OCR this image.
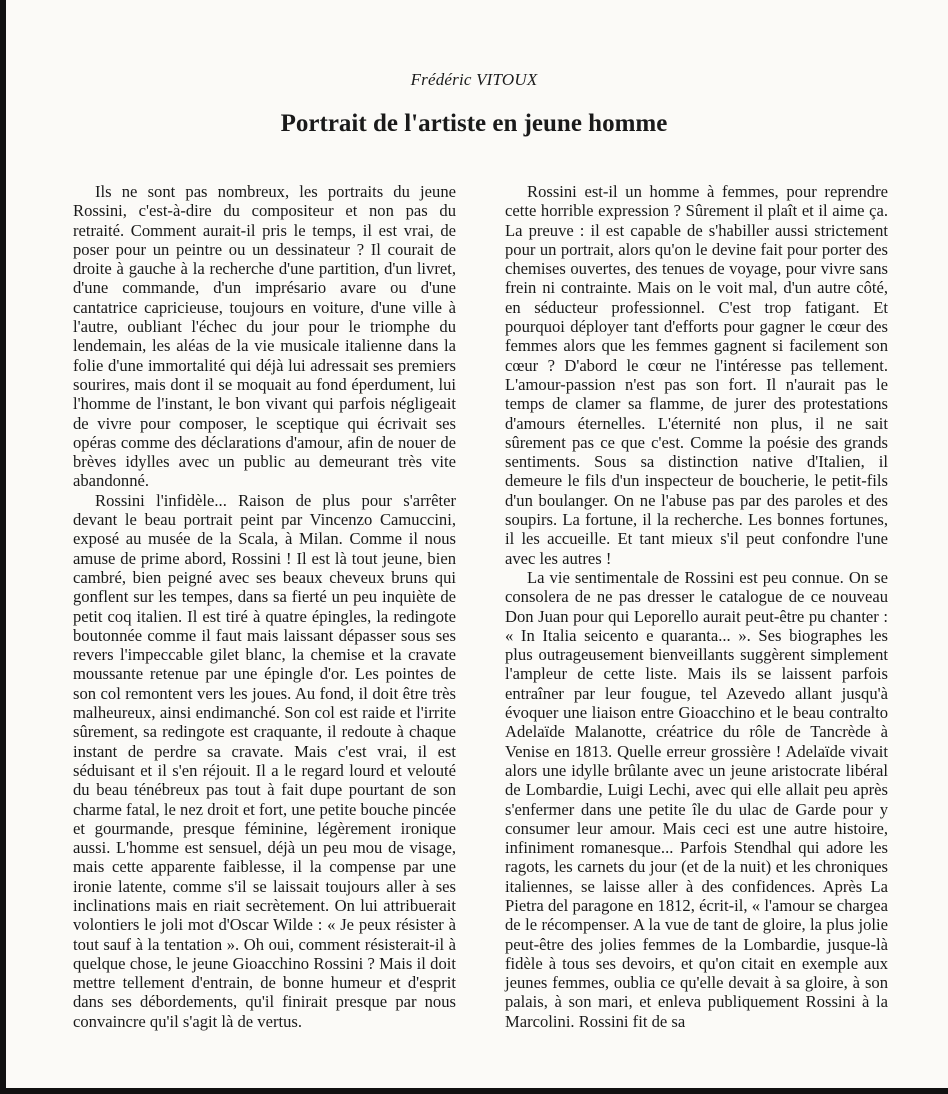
Frédéric VITOUX
Portrait de l'artiste en jeune homme

Ils ne sont pas nombreux, les portraits du jeune Rossini, c'est-à-dire du compositeur et non pas du retraité. Comment aurait-il pris le temps, il est vrai, de poser pour un peintre ou un dessinateur ? Il courait de droite à gauche à la recherche d'une partition, d'un livret, d'une commande, d'un imprésario avare ou d'une cantatrice capricieuse, toujours en voiture, d'une ville à l'autre, oubliant l'échec du jour pour le triomphe du lendemain, les aléas de la vie musicale italienne dans la folie d'une immortalité qui déjà lui adressait ses premiers sourires, mais dont il se moquait au fond éperdument, lui l'homme de l'instant, le bon vivant qui parfois négligeait de vivre pour composer, le sceptique qui écrivait ses opéras comme des déclarations d'amour, afin de nouer de brèves idylles avec un public au demeurant très vite abandonné.

Rossini l'infidèle... Raison de plus pour s'arrêter devant le beau portrait peint par Vincenzo Camuccini, exposé au musée de la Scala, à Milan. Comme il nous amuse de prime abord, Rossini ! Il est là tout jeune, bien cambré, bien peigné avec ses beaux cheveux bruns qui gonflent sur les tempes, dans sa fierté un peu inquiète de petit coq italien. Il est tiré à quatre épingles, la redingote boutonnée comme il faut mais laissant dépasser sous ses revers l'impeccable gilet blanc, la chemise et la cravate moussante retenue par une épingle d'or. Les pointes de son col remontent vers les joues. Au fond, il doit être très malheureux, ainsi endimanché. Son col est raide et l'irrite sûrement, sa redingote est craquante, il redoute à chaque instant de perdre sa cravate. Mais c'est vrai, il est séduisant et il s'en réjouit. Il a le regard lourd et velouté du beau ténébreux pas tout à fait dupe pourtant de son charme fatal, le nez droit et fort, une petite bouche pincée et gourmande, presque féminine, légèrement ironique aussi. L'homme est sensuel, déjà un peu mou de visage, mais cette apparente faiblesse, il la compense par une ironie latente, comme s'il se laissait toujours aller à ses inclinations mais en riait secrètement. On lui attribuerait volontiers le joli mot d'Oscar Wilde : « Je peux résister à tout sauf à la tentation ». Oh oui, comment résisterait-il à quelque chose, le jeune Gioacchino Rossini ? Mais il doit mettre tellement d'entrain, de bonne humeur et d'esprit dans ses débordements, qu'il finirait presque par nous convaincre qu'il s'agit là de vertus.

Rossini est-il un homme à femmes, pour reprendre cette horrible expression ? Sûrement il plaît et il aime ça. La preuve : il est capable de s'habiller aussi strictement pour un portrait, alors qu'on le devine fait pour porter des chemises ouvertes, des tenues de voyage, pour vivre sans frein ni contrainte. Mais on le voit mal, d'un autre côté, en séducteur professionnel. C'est trop fatigant. Et pourquoi déployer tant d'efforts pour gagner le cœur des femmes alors que les femmes gagnent si facilement son cœur ? D'abord le cœur ne l'intéresse pas tellement. L'amour-passion n'est pas son fort. Il n'aurait pas le temps de clamer sa flamme, de jurer des protestations d'amours éternelles. L'éternité non plus, il ne sait sûrement pas ce que c'est. Comme la poésie des grands sentiments. Sous sa distinction native d'Italien, il demeure le fils d'un inspecteur de boucherie, le petit-fils d'un boulanger. On ne l'abuse pas par des paroles et des soupirs. La fortune, il la recherche. Les bonnes fortunes, il les accueille. Et tant mieux s'il peut confondre l'une avec les autres !

La vie sentimentale de Rossini est peu connue. On se consolera de ne pas dresser le catalogue de ce nouveau Don Juan pour qui Leporello aurait peut-être pu chanter : « In Italia seicento e quaranta... ». Ses biographes les plus outrageusement bienveillants suggèrent simplement l'ampleur de cette liste. Mais ils se laissent parfois entraîner par leur fougue, tel Azevedo allant jusqu'à évoquer une liaison entre Gioacchino et le beau contralto Adelaïde Malanotte, créatrice du rôle de Tancrède à Venise en 1813. Quelle erreur grossière ! Adelaïde vivait alors une idylle brûlante avec un jeune aristocrate libéral de Lombardie, Luigi Lechi, avec qui elle allait peu après s'enfermer dans une petite île du ulac de Garde pour y consumer leur amour. Mais ceci est une autre histoire, infiniment romanesque... Parfois Stendhal qui adore les ragots, les carnets du jour (et de la nuit) et les chroniques italiennes, se laisse aller à des confidences. Après La Pietra del paragone en 1812, écrit-il, « l'amour se chargea de le récompenser. A la vue de tant de gloire, la plus jolie peut-être des jolies femmes de la Lombardie, jusque-là fidèle à tous ses devoirs, et qu'on citait en exemple aux jeunes femmes, oublia ce qu'elle devait à sa gloire, à son palais, à son mari, et enleva publiquement Rossini à la Marcolini. Rossini fit de sa
